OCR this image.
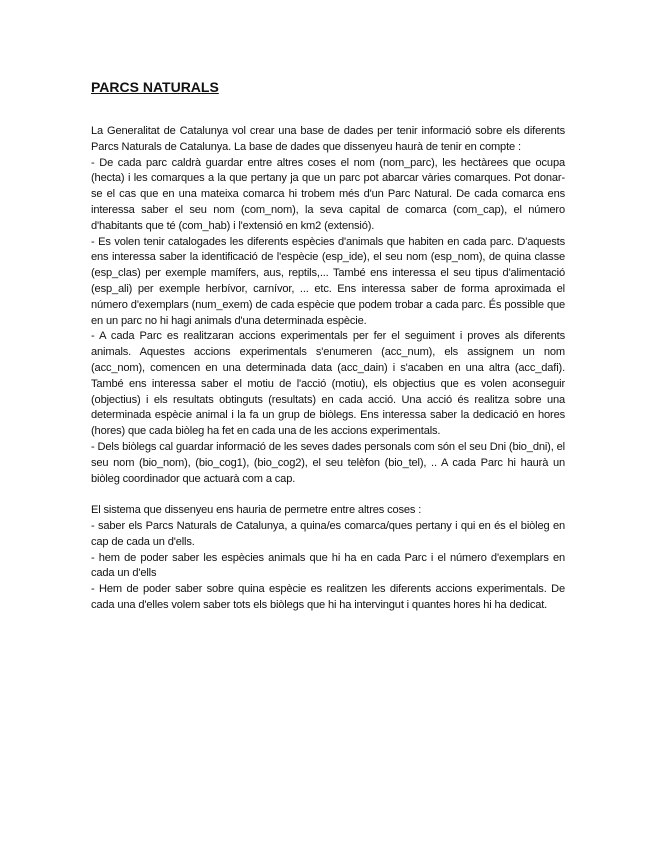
PARCS NATURALS

La Generalitat de Catalunya vol crear una base de dades per tenir informació sobre els diferents Parcs Naturals de Catalunya. La base de dades que dissenyeu haurà de tenir en compte :

- De cada parc caldrà guardar entre altres coses el nom (nom_parc), les hectàrees que ocupa (hecta) i les comarques a la que pertany ja que un parc pot abarcar vàries comarques. Pot donar-se el cas que en una mateixa comarca hi trobem més d'un Parc Natural. De cada comarca ens interessa saber el seu nom (com_nom), la seva capital de comarca (com_cap), el número d'habitants que té (com_hab) i l'extensió en km2 (extensió).

- Es volen tenir catalogades les diferents espècies d'animals que habiten en cada parc. D'aquests ens interessa saber la identificació de l'espècie (esp_ide), el seu nom (esp_nom), de quina classe (esp_clas) per exemple mamífers, aus, reptils,... També ens interessa el seu tipus d'alimentació (esp_ali) per exemple herbívor, carnívor, ... etc. Ens interessa saber de forma aproximada el número d'exemplars (num_exem) de cada espècie que podem trobar a cada parc. És possible que en un parc no hi hagi animals d'una determinada espècie.

- A cada Parc es realitzaran accions experimentals per fer el seguiment i proves als diferents animals. Aquestes accions experimentals s'enumeren (acc_num), els assignem un nom (acc_nom), comencen en una determinada data (acc_dain) i s'acaben en una altra (acc_dafi). També ens interessa saber el motiu de l'acció (motiu), els objectius que es volen aconseguir (objectius) i els resultats obtinguts (resultats) en cada acció. Una acció és realitza sobre una determinada espècie animal i la fa un grup de biòlegs. Ens interessa saber la dedicació en hores (hores) que cada biòleg ha fet en cada una de les accions experimentals.

- Dels biòlegs cal guardar informació de les seves dades personals com són el seu Dni (bio_dni), el seu nom (bio_nom), (bio_cog1), (bio_cog2), el seu telèfon (bio_tel), .. A cada Parc hi haurà un biòleg coordinador que actuarà com a cap.

El sistema que dissenyeu ens hauria de permetre entre altres coses :

- saber els Parcs Naturals de Catalunya, a quina/es comarca/ques pertany i qui en és el biòleg en cap de cada un d'ells.

- hem de poder saber les espècies animals que hi ha en cada Parc i el número d'exemplars en cada un d'ells

- Hem de poder saber sobre quina espècie es realitzen les diferents accions experimentals. De cada una d'elles volem saber tots els biòlegs que hi ha intervingut i quantes hores hi ha dedicat.
